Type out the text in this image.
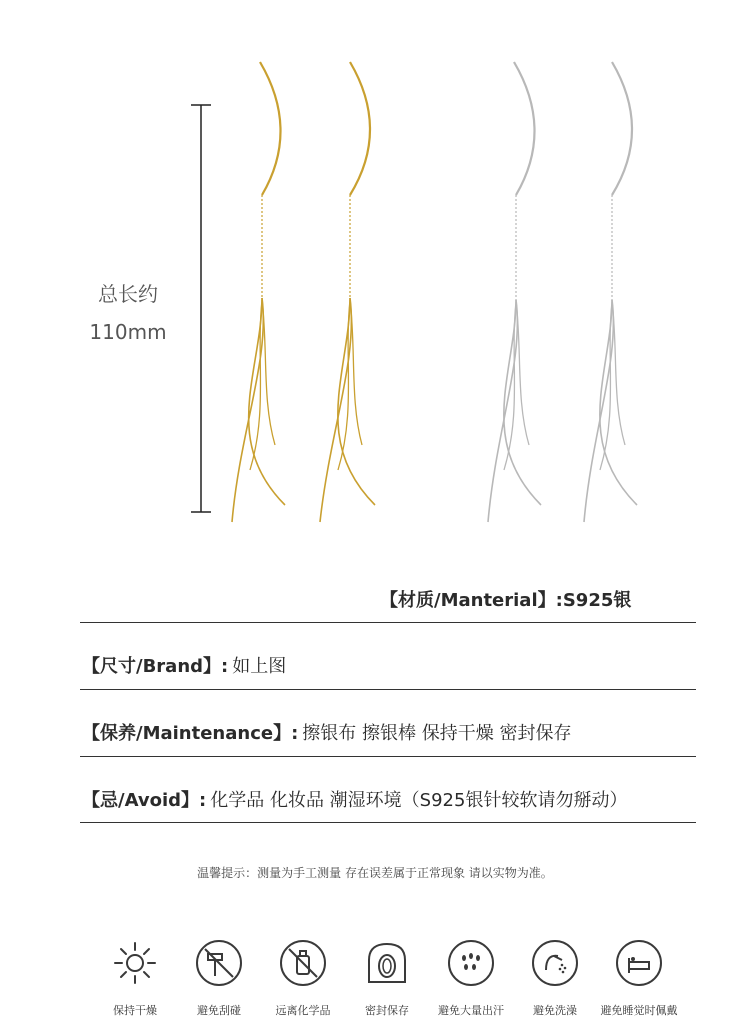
总长约
110mm
【材质/Manterial】: S925银
【尺寸/Brand】: 如上图
【保养/Maintenance】: 擦银布 擦银棒 保持干燥 密封保存
【忌/Avoid】: 化学品 化妆品 潮湿环境（S925银针较软请勿掰动）
温馨提示：测量为手工测量 存在误差属于正常现象 请以实物为准。
保持干燥	避免刮碰	远离化学品	密封保存	避免大量出汗	避免洗澡	避免睡觉时佩戴
